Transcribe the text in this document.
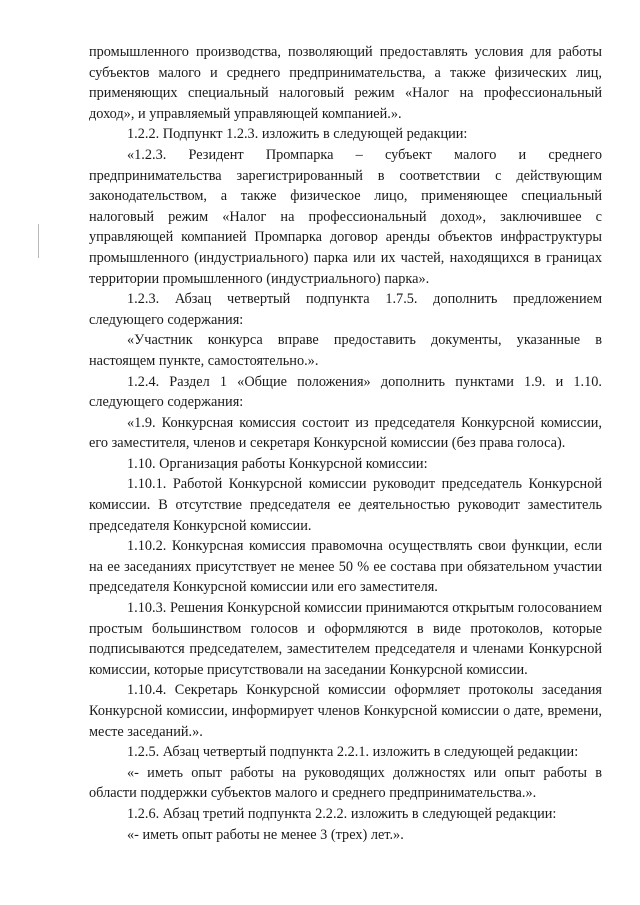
промышленного производства, позволяющий предоставлять условия для работы субъектов малого и среднего предпринимательства, а также физических лиц, применяющих специальный налоговый режим «Налог на профессиональный доход», и управляемый управляющей компанией.».

1.2.2. Подпункт 1.2.3. изложить в следующей редакции:

«1.2.3. Резидент Промпарка – субъект малого и среднего предпринимательства зарегистрированный в соответствии с действующим законодательством, а также физическое лицо, применяющее специальный налоговый режим «Налог на профессиональный доход», заключившее с управляющей компанией Промпарка договор аренды объектов инфраструктуры промышленного (индустриального) парка или их частей, находящихся в границах территории промышленного (индустриального) парка».

1.2.3. Абзац четвертый подпункта 1.7.5. дополнить предложением следующего содержания:

«Участник конкурса вправе предоставить документы, указанные в настоящем пункте, самостоятельно.».

1.2.4. Раздел 1 «Общие положения» дополнить пунктами 1.9. и 1.10. следующего содержания:

«1.9. Конкурсная комиссия состоит из председателя Конкурсной комиссии, его заместителя, членов и секретаря Конкурсной комиссии (без права голоса).

1.10. Организация работы Конкурсной комиссии:

1.10.1. Работой Конкурсной комиссии руководит председатель Конкурсной комиссии. В отсутствие председателя ее деятельностью руководит заместитель председателя Конкурсной комиссии.

1.10.2. Конкурсная комиссия правомочна осуществлять свои функции, если на ее заседаниях присутствует не менее 50 % ее состава при обязательном участии председателя Конкурсной комиссии или его заместителя.

1.10.3. Решения Конкурсной комиссии принимаются открытым голосованием простым большинством голосов и оформляются в виде протоколов, которые подписываются председателем, заместителем председателя и членами Конкурсной комиссии, которые присутствовали на заседании Конкурсной комиссии.

1.10.4. Секретарь Конкурсной комиссии оформляет протоколы заседания Конкурсной комиссии, информирует членов Конкурсной комиссии о дате, времени, месте заседаний.».

1.2.5. Абзац четвертый подпункта 2.2.1. изложить в следующей редакции:

«- иметь опыт работы на руководящих должностях или опыт работы в области поддержки субъектов малого и среднего предпринимательства.».

1.2.6. Абзац третий подпункта 2.2.2. изложить в следующей редакции:

«- иметь опыт работы не менее 3 (трех) лет.».
